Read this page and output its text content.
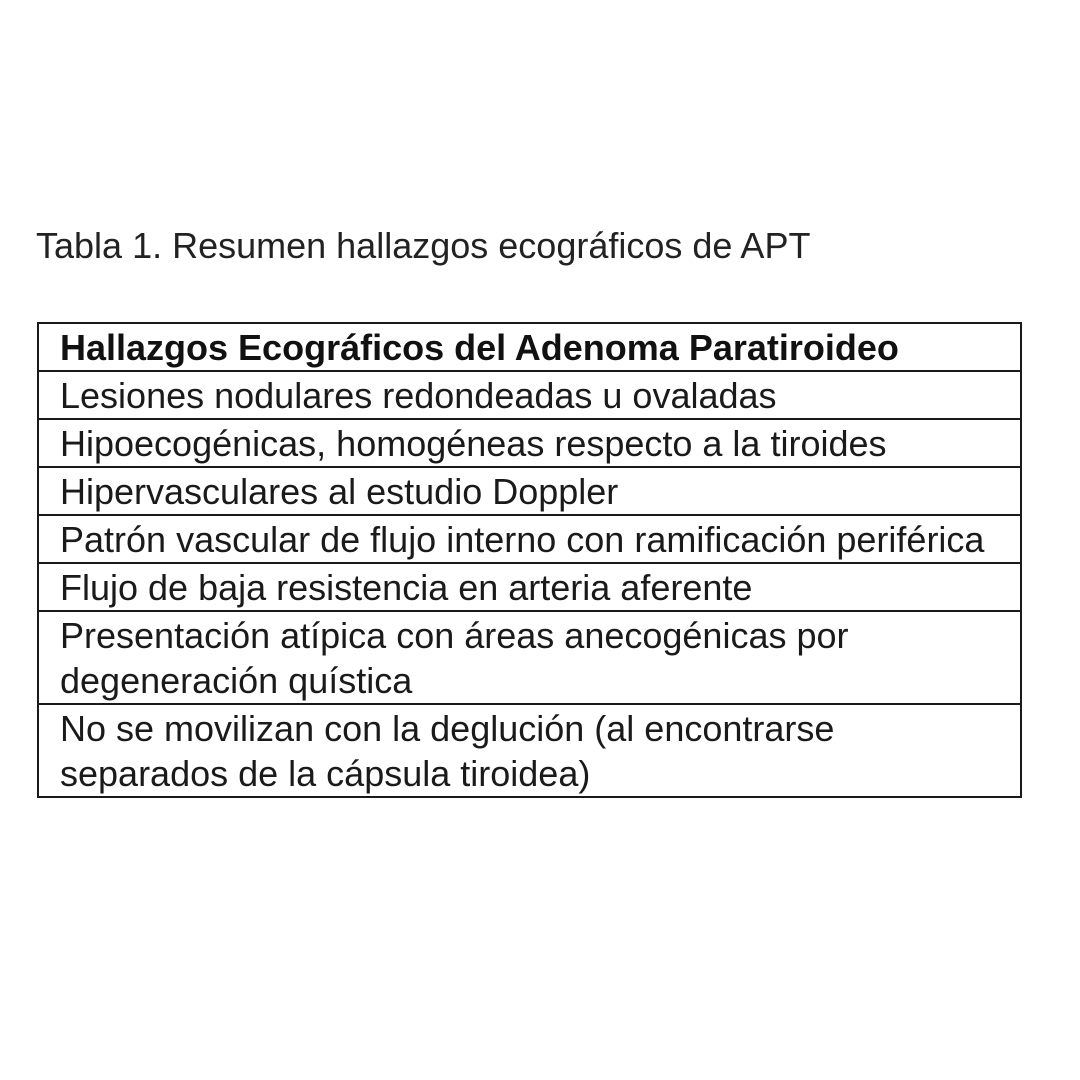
Tabla 1. Resumen hallazgos ecográficos de APT
Hallazgos Ecográficos del Adenoma Paratiroideo
Lesiones nodulares redondeadas u ovaladas
Hipoecogénicas, homogéneas respecto a la tiroides
Hipervasculares al estudio Doppler
Patrón vascular de flujo interno con ramificación periférica
Flujo de baja resistencia en arteria aferente
Presentación atípica con áreas anecogénicas por degeneración quística
No se movilizan con la deglución (al encontrarse separados de la cápsula tiroidea)
